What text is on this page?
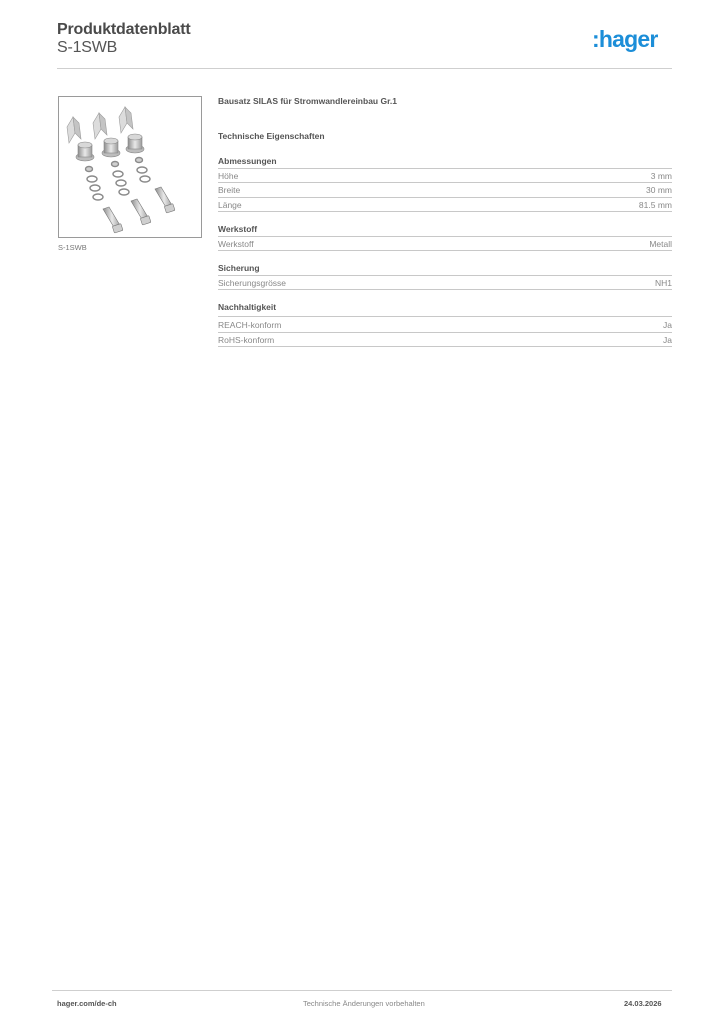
Produktdatenblatt
S-1SWB	:hager
S-1SWB
Bausatz SILAS für Stromwandlereinbau Gr.1
Technische Eigenschaften
Abmessungen
Höhe	3 mm
Breite	30 mm
Länge	81.5 mm
Werkstoff
Werkstoff	Metall
Sicherung
Sicherungsgrösse	NH1
Nachhaltigkeit
REACH-konform	Ja
RoHS-konform	Ja
hager.com/de-ch	Technische Änderungen vorbehalten	24.03.2026
